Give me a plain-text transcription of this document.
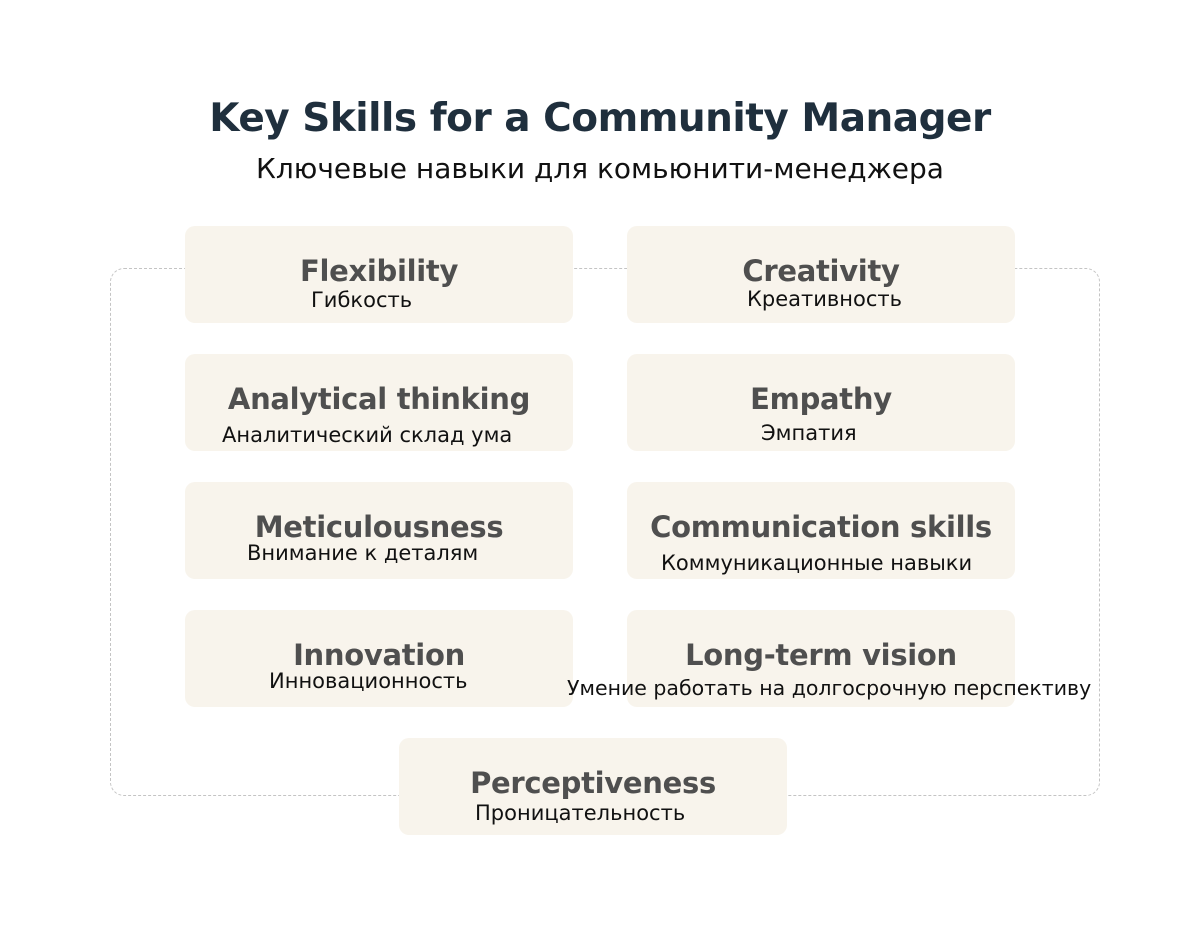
Key Skills for a Community Manager
Ключевые навыки для комьюнити-менеджера
Flexibility
Гибкость
Creativity
Креативность
Analytical thinking
Аналитический склад ума
Empathy
Эмпатия
Meticulousness
Внимание к деталям
Communication skills
Коммуникационные навыки
Innovation
Инновационность
Long-term vision
Умение работать на долгосрочную перспективу
Perceptiveness
Проницательность
